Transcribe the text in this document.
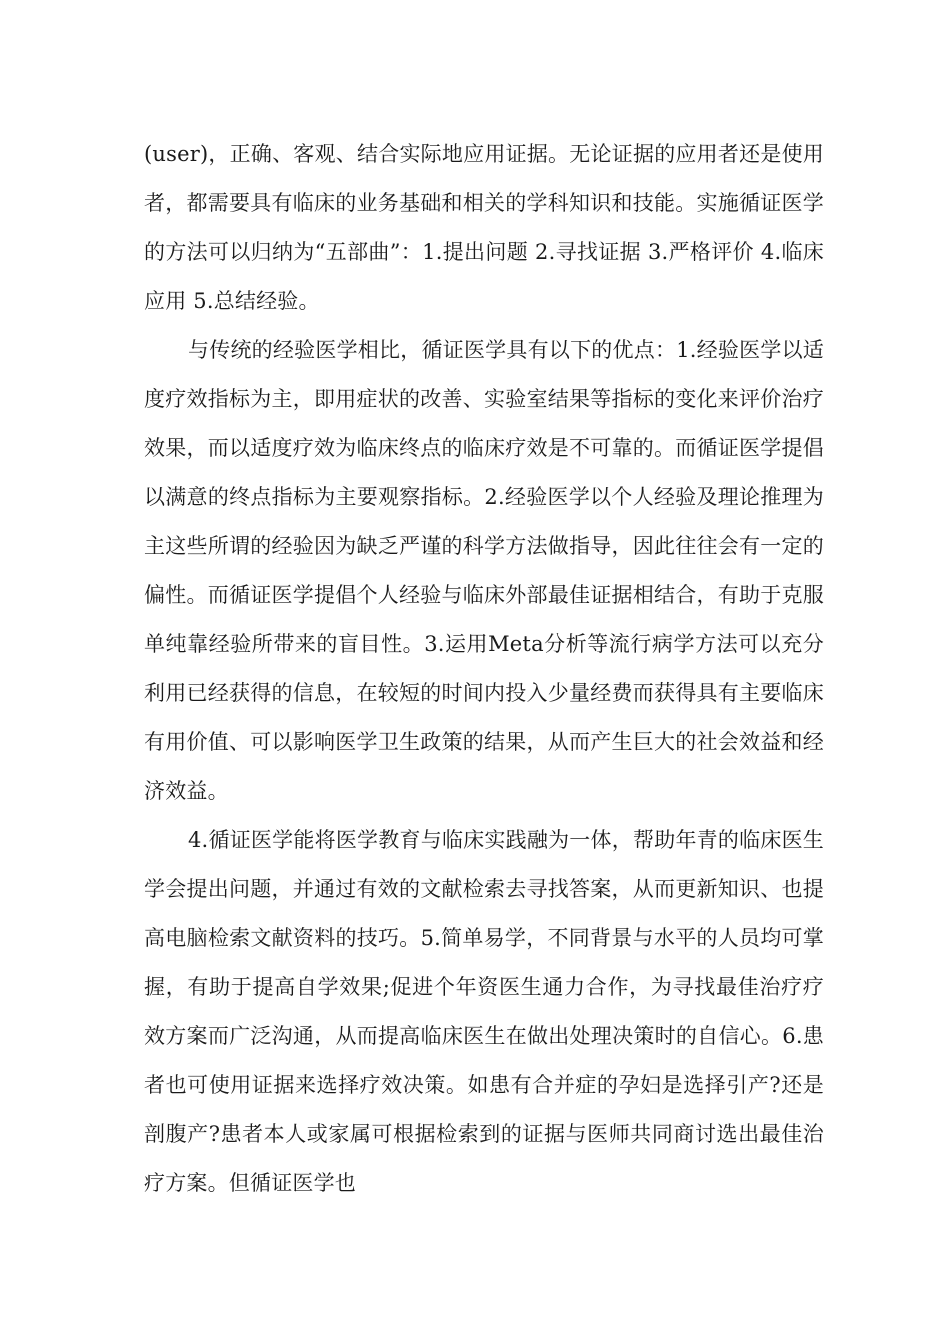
(user)，正确、客观、结合实际地应用证据。无论证据的应用者还是使用者，都需要具有临床的业务基础和相关的学科知识和技能。实施循证医学的方法可以归纳为“五部曲”：1.提出问题 2.寻找证据 3.严格评价 4.临床应用 5.总结经验。

与传统的经验医学相比，循证医学具有以下的优点：1.经验医学以适度疗效指标为主，即用症状的改善、实验室结果等指标的变化来评价治疗效果，而以适度疗效为临床终点的临床疗效是不可靠的。而循证医学提倡以满意的终点指标为主要观察指标。2.经验医学以个人经验及理论推理为主这些所谓的经验因为缺乏严谨的科学方法做指导，因此往往会有一定的偏性。而循证医学提倡个人经验与临床外部最佳证据相结合，有助于克服单纯靠经验所带来的盲目性。3.运用Meta分析等流行病学方法可以充分利用已经获得的信息，在较短的时间内投入少量经费而获得具有主要临床有用价值、可以影响医学卫生政策的结果，从而产生巨大的社会效益和经济效益。

4.循证医学能将医学教育与临床实践融为一体，帮助年青的临床医生学会提出问题，并通过有效的文献检索去寻找答案，从而更新知识、也提高电脑检索文献资料的技巧。5.简单易学，不同背景与水平的人员均可掌握，有助于提高自学效果;促进个年资医生通力合作，为寻找最佳治疗疗效方案而广泛沟通，从而提高临床医生在做出处理决策时的自信心。6.患者也可使用证据来选择疗效决策。如患有合并症的孕妇是选择引产?还是剖腹产?患者本人或家属可根据检索到的证据与医师共同商讨选出最佳治疗方案。但循证医学也
